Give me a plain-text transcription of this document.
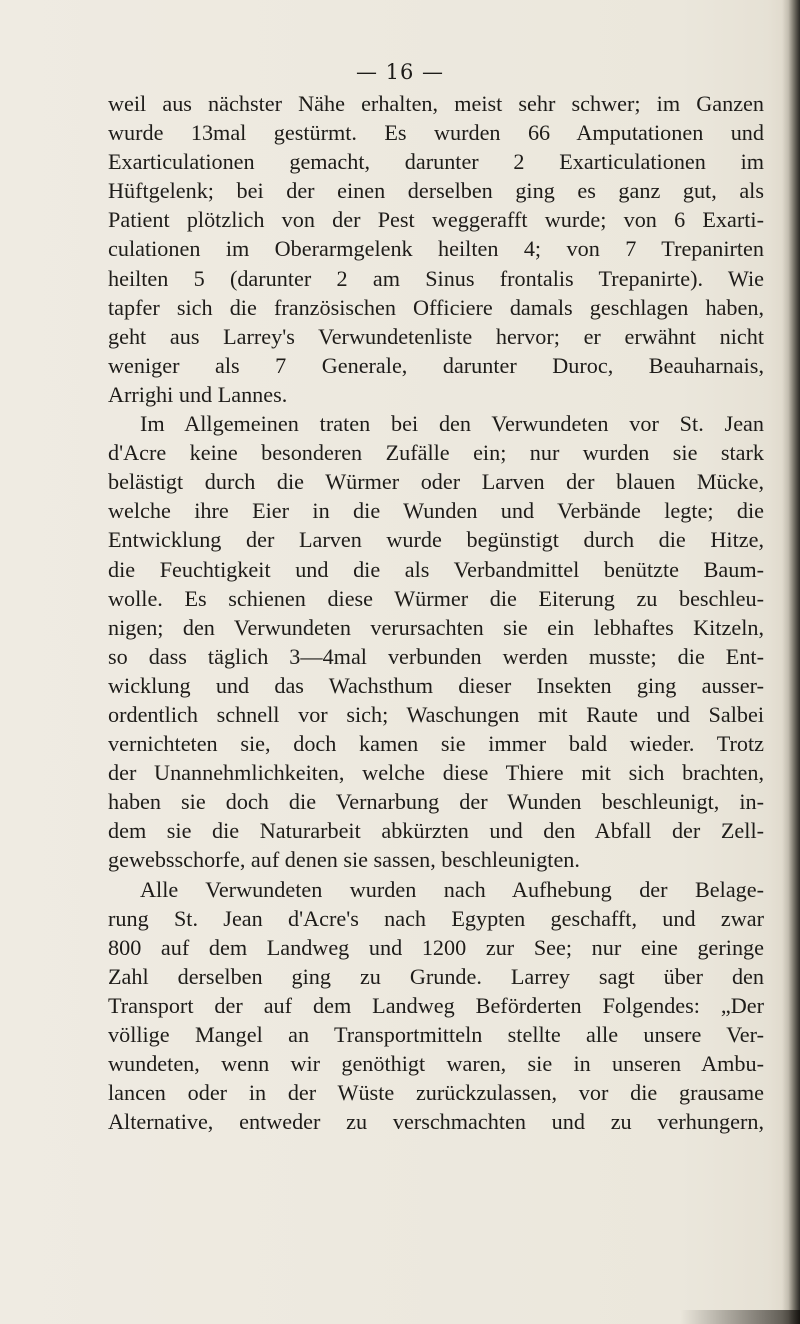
— 16 —

weil aus nächster Nähe erhalten, meist sehr schwer; im Ganzen
wurde 13mal gestürmt. Es wurden 66 Amputationen und
Exarticulationen gemacht, darunter 2 Exarticulationen im
Hüftgelenk; bei der einen derselben ging es ganz gut, als
Patient plötzlich von der Pest weggerafft wurde; von 6 Exarti-
culationen im Oberarmgelenk heilten 4; von 7 Trepanirten
heilten 5 (darunter 2 am Sinus frontalis Trepanirte). Wie
tapfer sich die französischen Officiere damals geschlagen haben,
geht aus Larrey's Verwundetenliste hervor; er erwähnt nicht
weniger als 7 Generale, darunter Duroc, Beauharnais,
Arrighi und Lannes.
Im Allgemeinen traten bei den Verwundeten vor St. Jean
d'Acre keine besonderen Zufälle ein; nur wurden sie stark
belästigt durch die Würmer oder Larven der blauen Mücke,
welche ihre Eier in die Wunden und Verbände legte; die
Entwicklung der Larven wurde begünstigt durch die Hitze,
die Feuchtigkeit und die als Verbandmittel benützte Baum-
wolle. Es schienen diese Würmer die Eiterung zu beschleu-
nigen; den Verwundeten verursachten sie ein lebhaftes Kitzeln,
so dass täglich 3—4mal verbunden werden musste; die Ent-
wicklung und das Wachsthum dieser Insekten ging ausser-
ordentlich schnell vor sich; Waschungen mit Raute und Salbei
vernichteten sie, doch kamen sie immer bald wieder. Trotz
der Unannehmlichkeiten, welche diese Thiere mit sich brachten,
haben sie doch die Vernarbung der Wunden beschleunigt, in-
dem sie die Naturarbeit abkürzten und den Abfall der Zell-
gewebsschorfe, auf denen sie sassen, beschleunigten.
Alle Verwundeten wurden nach Aufhebung der Belage-
rung St. Jean d'Acre's nach Egypten geschafft, und zwar
800 auf dem Landweg und 1200 zur See; nur eine geringe
Zahl derselben ging zu Grunde. Larrey sagt über den
Transport der auf dem Landweg Beförderten Folgendes: „Der
völlige Mangel an Transportmitteln stellte alle unsere Ver-
wundeten, wenn wir genöthigt waren, sie in unseren Ambu-
lancen oder in der Wüste zurückzulassen, vor die grausame
Alternative, entweder zu verschmachten und zu verhungern,
